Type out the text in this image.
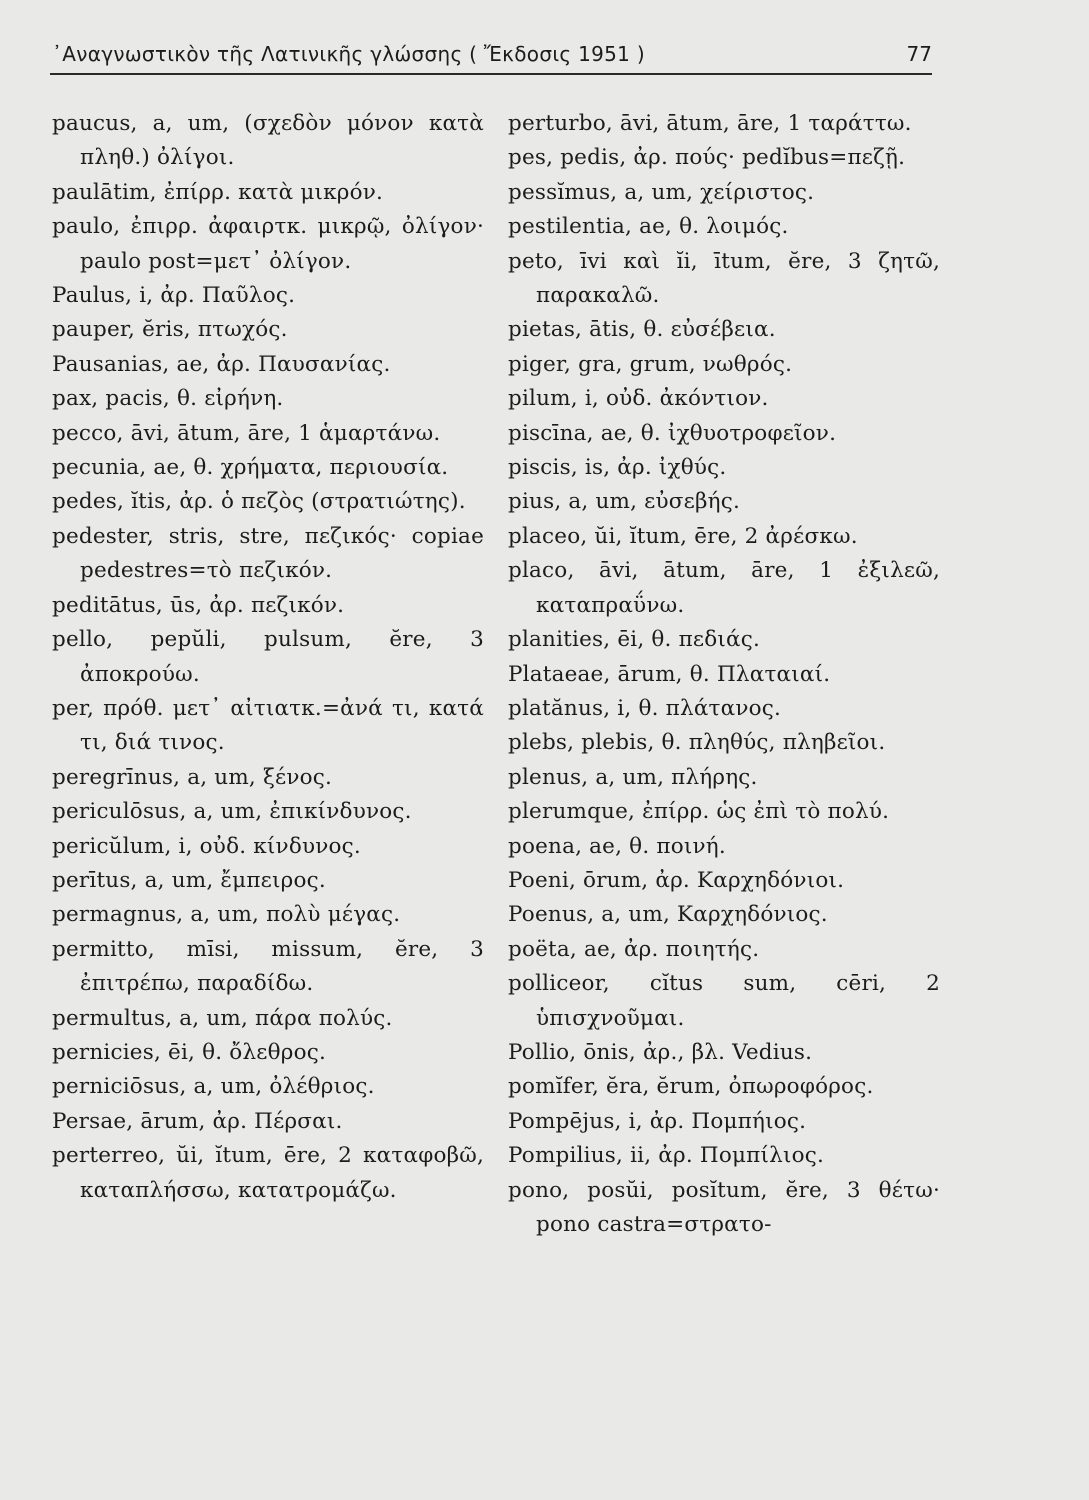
᾿Αναγνωστικὸν τῆς Λατινικῆς γλώσσης ( Ἔκδοσις 1951 )	77

paucus, a, um, (σχεδὸν μόνον κατὰ πληθ.) ὀλίγοι.

paulātim, ἐπίρρ. κατὰ μικρόν.

paulo, ἐπιρρ. ἀφαιρτκ. μικρῷ, ὀλίγον· paulo post=μετ᾿ ὀλίγον.

Paulus, i, ἀρ. Παῦλος.

pauper, ĕris, πτωχός.

Pausanias, ae, ἀρ. Παυσανίας.

pax, pacis, θ. εἰρήνη.

pecco, āvi, ātum, āre, 1 ἁμαρτάνω.

pecunia, ae, θ. χρήματα, περιουσία.

pedes, ĭtis, ἀρ. ὁ πεζὸς (στρατιώτης).

pedester, stris, stre, πεζικός· copiae pedestres=τὸ πεζικόν.

peditātus, ūs, ἀρ. πεζικόν.

pello, pepŭli, pulsum, ĕre, 3 ἀποκρούω.

per, πρόθ. μετ᾿ αἰτιατκ.=ἀνά τι, κατά τι, διά τινος.

peregrīnus, a, um, ξένος.

periculōsus, a, um, ἐπικίνδυνος.

pericŭlum, i, οὐδ. κίνδυνος.

perītus, a, um, ἔμπειρος.

permagnus, a, um, πολὺ μέγας.

permitto, mīsi, missum, ĕre, 3 ἐπιτρέπω, παραδίδω.

permultus, a, um, πάρα πολύς.

pernicies, ēi, θ. ὄλεθρος.

perniciōsus, a, um, ὀλέθριος.

Persae, ārum, ἀρ. Πέρσαι.

perterreo, ŭi, ĭtum, ēre, 2 καταφοβῶ, καταπλήσσω, κατατρομάζω.

perturbo, āvi, ātum, āre, 1 ταράττω.

pes, pedis, ἀρ. πούς· pedĭbus=πεζῇ.

pessĭmus, a, um, χείριστος.

pestilentia, ae, θ. λοιμός.

peto, īvi καὶ ĭi, ītum, ĕre, 3 ζητῶ, παρακαλῶ.

pietas, ātis, θ. εὐσέβεια.

piger, gra, grum, νωθρός.

pilum, i, οὐδ. ἀκόντιον.

piscīna, ae, θ. ἰχθυοτροφεῖον.

piscis, is, ἀρ. ἰχθύς.

pius, a, um, εὐσεβής.

placeo, ŭi, ĭtum, ēre, 2 ἀρέσκω.

placo, āvi, ātum, āre, 1 ἐξιλεῶ, καταπραΰνω.

planities, ēi, θ. πεδιάς.

Plataeae, ārum, θ. Πλαταιαί.

platănus, i, θ. πλάτανος.

plebs, plebis, θ. πληθύς, πληβεῖοι.

plenus, a, um, πλήρης.

plerumque, ἐπίρρ. ὡς ἐπὶ τὸ πολύ.

poena, ae, θ. ποινή.

Poeni, ōrum, ἀρ. Καρχηδόνιοι.

Poenus, a, um, Καρχηδόνιος.

poëta, ae, ἀρ. ποιητής.

polliceor, cĭtus sum, cēri, 2 ὑπισχνοῦμαι.

Pollio, ōnis, ἀρ., βλ. Vedius.

pomĭfer, ĕra, ĕrum, ὀπωροφόρος.

Pompējus, i, ἀρ. Πομπήιος.

Pompilius, ii, ἀρ. Πομπίλιος.

pono, posŭi, posĭtum, ĕre, 3 θέτω· pono castra=στρατο-
